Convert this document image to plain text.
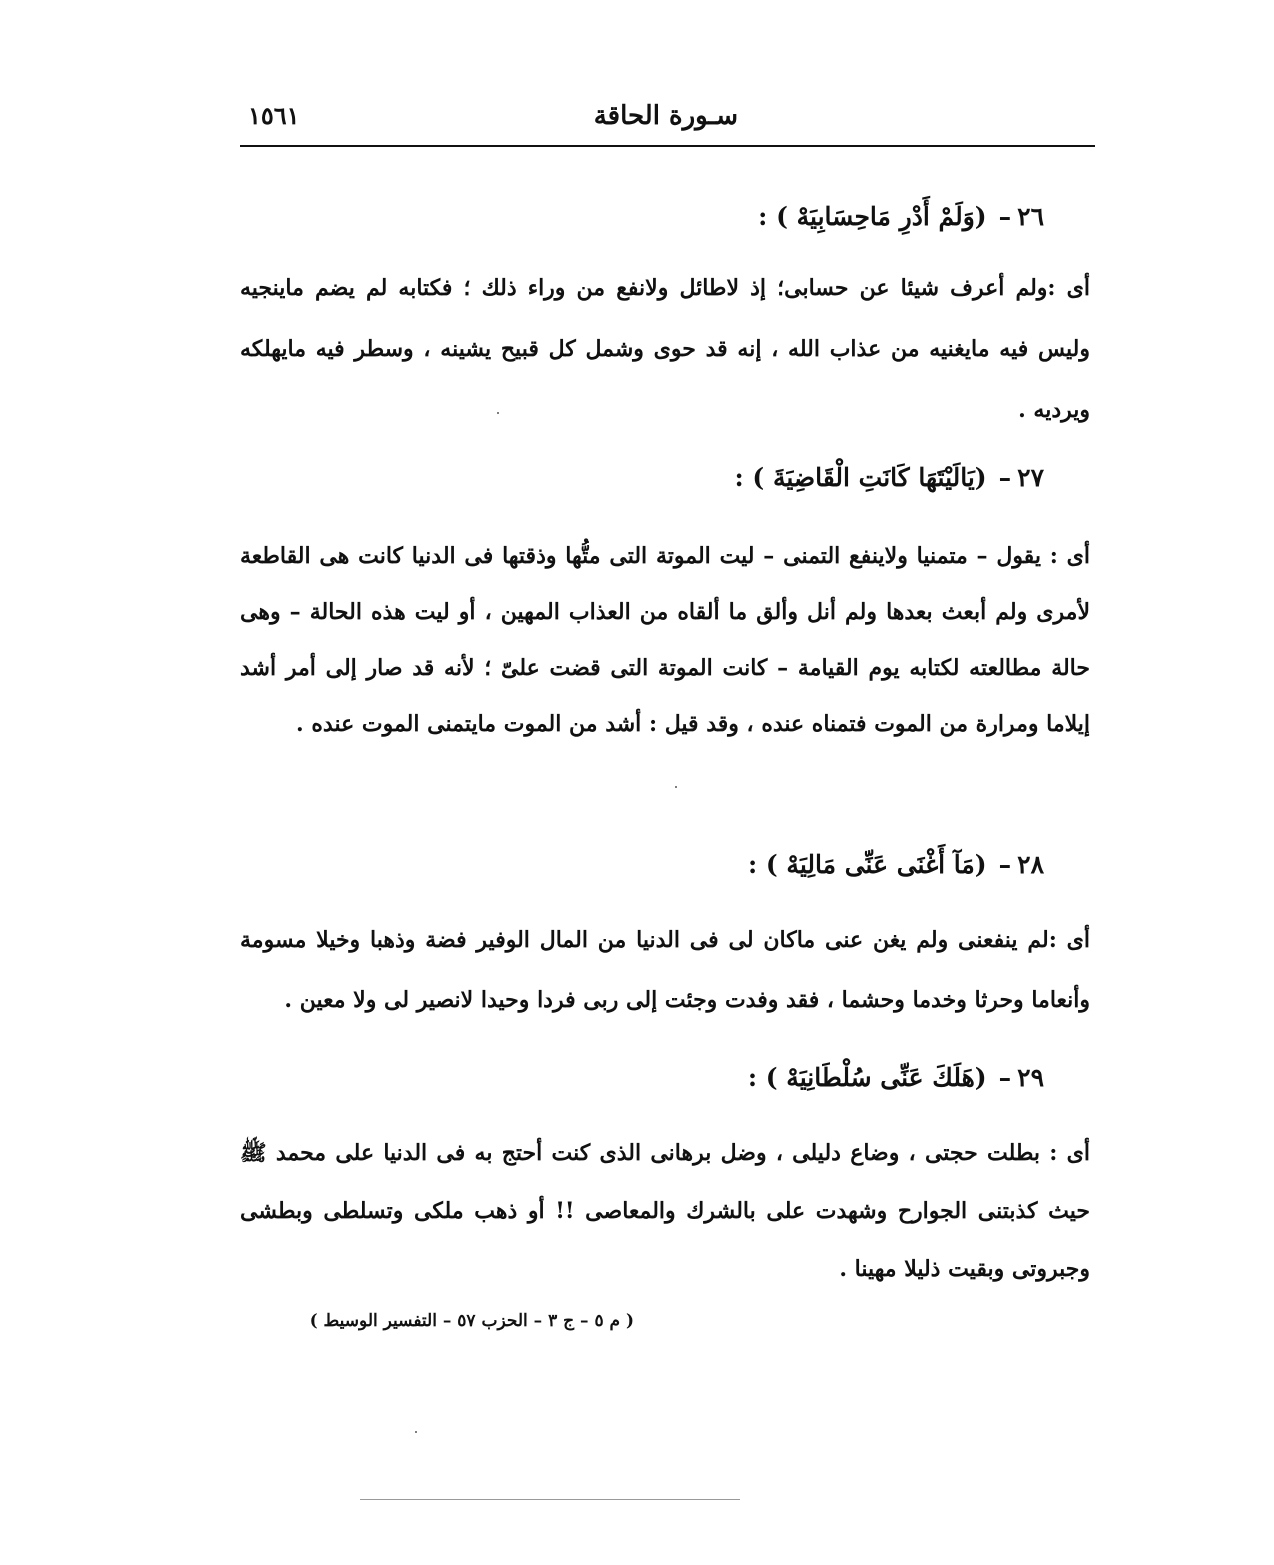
سـورة الحاقة
١٥٦١
٢٦–(وَلَمْ أَدْرِ مَاحِسَابِيَهْ ) :

أى :ولم أعرف شيئا عن حسابى؛ إذ لاطائل ولانفع من وراء ذلك ؛ فكتابه لم يضم ماينجيه وليس فيه مايغنيه من عذاب الله ، إنه قد حوى وشمل كل قبيح يشينه ، وسطر فيه مايهلكه ويرديه .

٢٧–(يَالَيْتَهَا كَانَتِ الْقَاضِيَةَ ) :

أى : يقول – متمنيا ولاينفع التمنى – ليت الموتة التى متُّها وذقتها فى الدنيا كانت هى القاطعة لأمرى ولم أبعث بعدها ولم أنل وألق ما ألقاه من العذاب المهين ، أو ليت هذه الحالة – وهى حالة مطالعته لكتابه يوم القيامة – كانت الموتة التى قضت علىّ ؛ لأنه قد صار إلى أمر أشد إيلاما ومرارة من الموت فتمناه عنده ، وقد قيل : أشد من الموت مايتمنى الموت عنده .

٢٨–(مَآ أَغْنَى عَنِّى مَالِيَهْ ) :

أى :لم ينفعنى ولم يغن عنى ماكان لى فى الدنيا من المال الوفير فضة وذهبا وخيلا مسومة وأنعاما وحرثا وخدما وحشما ، فقد وفدت وجئت إلى ربى فردا وحيدا لانصير لى ولا معين .

٢٩–(هَلَكَ عَنِّى سُلْطَانِيَهْ ) :

أى : بطلت حجتى ، وضاع دليلى ، وضل برهانى الذى كنت أحتج به فى الدنيا على محمد ﷺ حيث كذبتنى الجوارح وشهدت على بالشرك والمعاصى !! أو ذهب ملكى وتسلطى وبطشى وجبروتى وبقيت ذليلا مهينا .

( م ٥ – ج ٣ – الحزب ٥٧ – التفسير الوسيط )
